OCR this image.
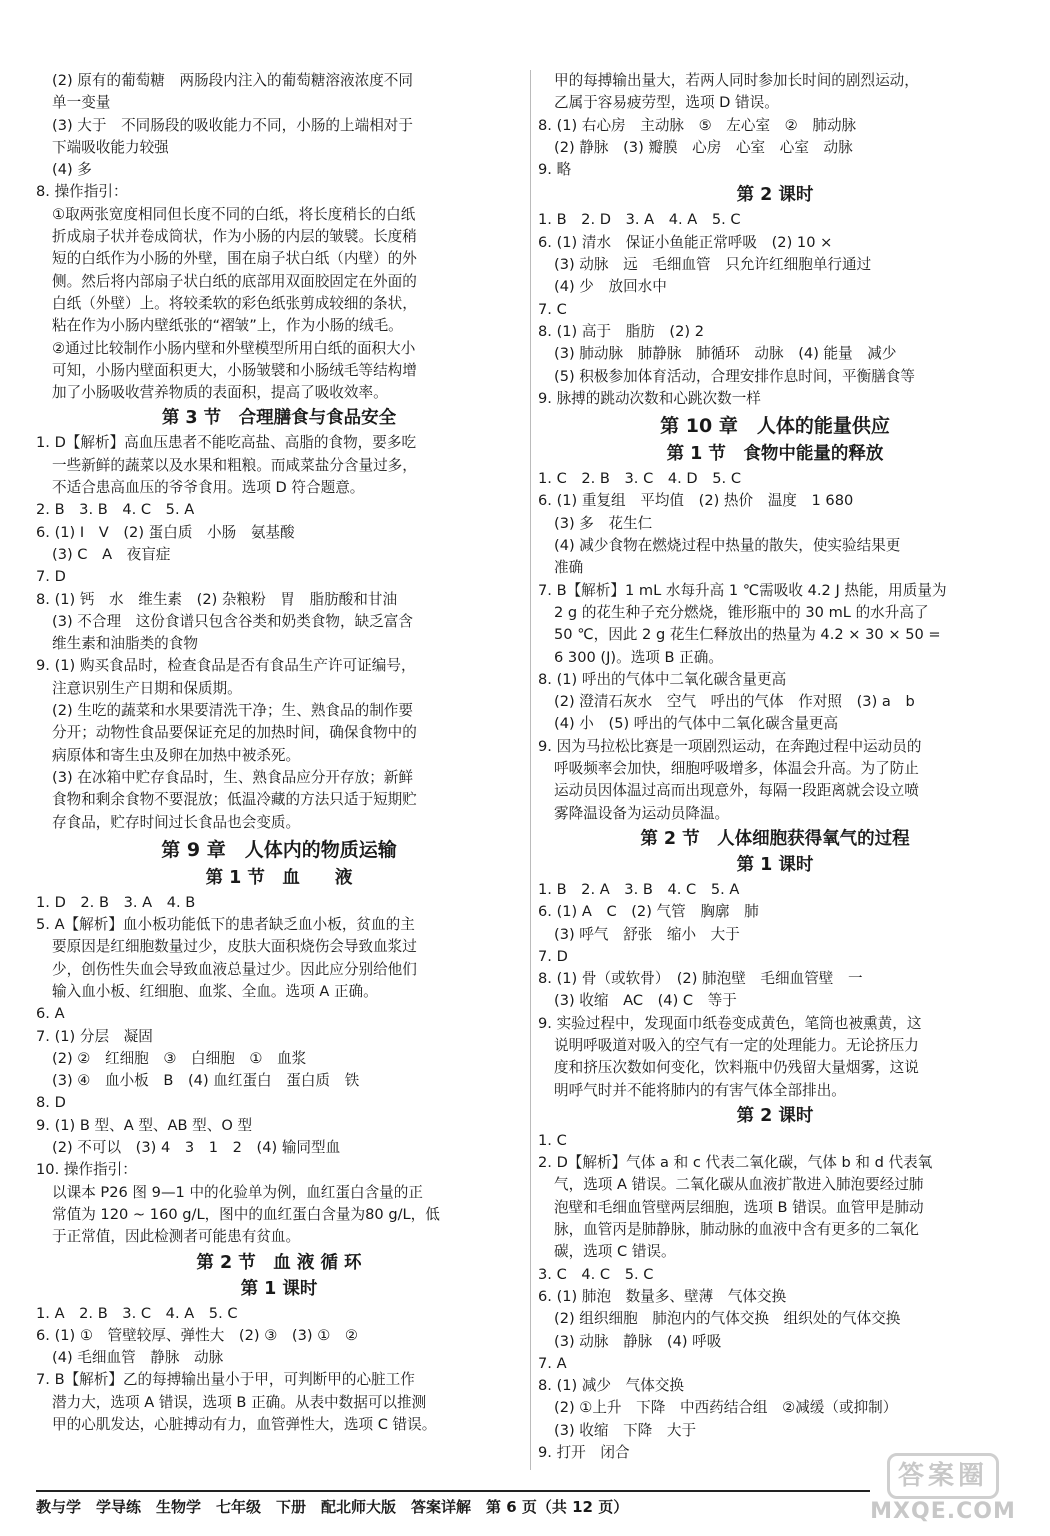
(2) 原有的葡萄糖　两肠段内注入的葡萄糖溶液浓度不同
单一变量
(3) 大于　不同肠段的吸收能力不同，小肠的上端相对于
下端吸收能力较强
(4) 多
8. 操作指引：
①取两张宽度相同但长度不同的白纸，将长度稍长的白纸
折成扇子状并卷成筒状，作为小肠的内层的皱襞。长度稍
短的白纸作为小肠的外壁，围在扇子状白纸（内壁）的外
侧。然后将内部扇子状白纸的底部用双面胶固定在外面的
白纸（外壁）上。将较柔软的彩色纸张剪成较细的条状，
粘在作为小肠内壁纸张的“褶皱”上，作为小肠的绒毛。
②通过比较制作小肠内壁和外壁模型所用白纸的面积大小
可知，小肠内壁面积更大，小肠皱襞和小肠绒毛等结构增
加了小肠吸收营养物质的表面积，提高了吸收效率。
第 3 节　合理膳食与食品安全
1. D【解析】高血压患者不能吃高盐、高脂的食物，要多吃
一些新鲜的蔬菜以及水果和粗粮。而咸菜盐分含量过多，
不适合患高血压的爷爷食用。选项 D 符合题意。
2. B　3. B　4. C　5. A
6. (1) Ⅰ　Ⅴ　(2) 蛋白质　小肠　氨基酸
(3) C　A　夜盲症
7. D
8. (1) 钙　水　维生素　(2) 杂粮粉　胃　脂肪酸和甘油
(3) 不合理　这份食谱只包含谷类和奶类食物，缺乏富含
维生素和油脂类的食物
9. (1) 购买食品时，检查食品是否有食品生产许可证编号，
注意识别生产日期和保质期。
(2) 生吃的蔬菜和水果要清洗干净；生、熟食品的制作要
分开；动物性食品要保证充足的加热时间，确保食物中的
病原体和寄生虫及卵在加热中被杀死。
(3) 在冰箱中贮存食品时，生、熟食品应分开存放；新鲜
食物和剩余食物不要混放；低温冷藏的方法只适于短期贮
存食品，贮存时间过长食品也会变质。
第 9 章　人体内的物质运输
第 1 节　血　　液
1. D　2. B　3. A　4. B
5. A【解析】血小板功能低下的患者缺乏血小板，贫血的主
要原因是红细胞数量过少，皮肤大面积烧伤会导致血浆过
少，创伤性失血会导致血液总量过少。因此应分别给他们
输入血小板、红细胞、血浆、全血。选项 A 正确。
6. A
7. (1) 分层　凝固
(2) ②　红细胞　③　白细胞　①　血浆
(3) ④　血小板　B　(4) 血红蛋白　蛋白质　铁
8. D
9. (1) B 型、A 型、AB 型、O 型
(2) 不可以　(3) 4　3　1　2　(4) 输同型血
10. 操作指引：
以课本 P26 图 9—1 中的化验单为例，血红蛋白含量的正
常值为 120 ~ 160 g/L，图中的血红蛋白含量为80 g/L，低
于正常值，因此检测者可能患有贫血。
第 2 节　血 液 循 环
第 1 课时
1. A　2. B　3. C　4. A　5. C
6. (1) ①　管壁较厚、弹性大　(2) ③　(3) ①　②
(4) 毛细血管　静脉　动脉
7. B【解析】乙的每搏输出量小于甲，可判断甲的心脏工作
潜力大，选项 A 错误，选项 B 正确。从表中数据可以推测
甲的心肌发达，心脏搏动有力，血管弹性大，选项 C 错误。
甲的每搏输出量大，若两人同时参加长时间的剧烈运动，
乙属于容易疲劳型，选项 D 错误。
8. (1) 右心房　主动脉　⑤　左心室　②　肺动脉
(2) 静脉　(3) 瓣膜　心房　心室　心室　动脉
9. 略
第 2 课时
1. B　2. D　3. A　4. A　5. C
6. (1) 清水　保证小鱼能正常呼吸　(2) 10 ×
(3) 动脉　远　毛细血管　只允许红细胞单行通过
(4) 少　放回水中
7. C
8. (1) 高于　脂肪　(2) 2
(3) 肺动脉　肺静脉　肺循环　动脉　(4) 能量　减少
(5) 积极参加体育活动，合理安排作息时间，平衡膳食等
9. 脉搏的跳动次数和心跳次数一样
第 10 章　人体的能量供应
第 1 节　食物中能量的释放
1. C　2. B　3. C　4. D　5. C
6. (1) 重复组　平均值　(2) 热价　温度　1 680
(3) 多　花生仁
(4) 减少食物在燃烧过程中热量的散失，使实验结果更
准确
7. B【解析】1 mL 水每升高 1 ℃需吸收 4.2 J 热能，用质量为
2 g 的花生种子充分燃烧，锥形瓶中的 30 mL 的水升高了
50 ℃，因此 2 g 花生仁释放出的热量为 4.2 × 30 × 50 =
6 300 (J)。选项 B 正确。
8. (1) 呼出的气体中二氧化碳含量更高
(2) 澄清石灰水　空气　呼出的气体　作对照　(3) a　b
(4) 小　(5) 呼出的气体中二氧化碳含量更高
9. 因为马拉松比赛是一项剧烈运动，在奔跑过程中运动员的
呼吸频率会加快，细胞呼吸增多，体温会升高。为了防止
运动员因体温过高而出现意外，每隔一段距离就会设立喷
雾降温设备为运动员降温。
第 2 节　人体细胞获得氧气的过程
第 1 课时
1. B　2. A　3. B　4. C　5. A
6. (1) A　C　(2) 气管　胸廓　肺
(3) 呼气　舒张　缩小　大于
7. D
8. (1) 骨（或软骨）　(2) 肺泡壁　毛细血管壁　一
(3) 收缩　AC　(4) C　等于
9. 实验过程中，发现面巾纸卷变成黄色，笔筒也被熏黄，这
说明呼吸道对吸入的空气有一定的处理能力。无论挤压力
度和挤压次数如何变化，饮料瓶中仍残留大量烟雾，这说
明呼气时并不能将肺内的有害气体全部排出。
第 2 课时
1. C
2. D【解析】气体 a 和 c 代表二氧化碳，气体 b 和 d 代表氧
气，选项 A 错误。二氧化碳从血液扩散进入肺泡要经过肺
泡壁和毛细血管壁两层细胞，选项 B 错误。血管甲是肺动
脉，血管丙是肺静脉，肺动脉的血液中含有更多的二氧化
碳，选项 C 错误。
3. C　4. C　5. C
6. (1) 肺泡　数量多、壁薄　气体交换
(2) 组织细胞　肺泡内的气体交换　组织处的气体交换
(3) 动脉　静脉　(4) 呼吸
7. A
8. (1) 减少　气体交换
(2) ①上升　下降　中西药结合组　②减缓（或抑制）
(3) 收缩　下降　大于
9. 打开　闭合
教与学　学导练　生物学　七年级　下册　配北师大版　答案详解　第 6 页（共 12 页）
答案圈
MXQE.COM
